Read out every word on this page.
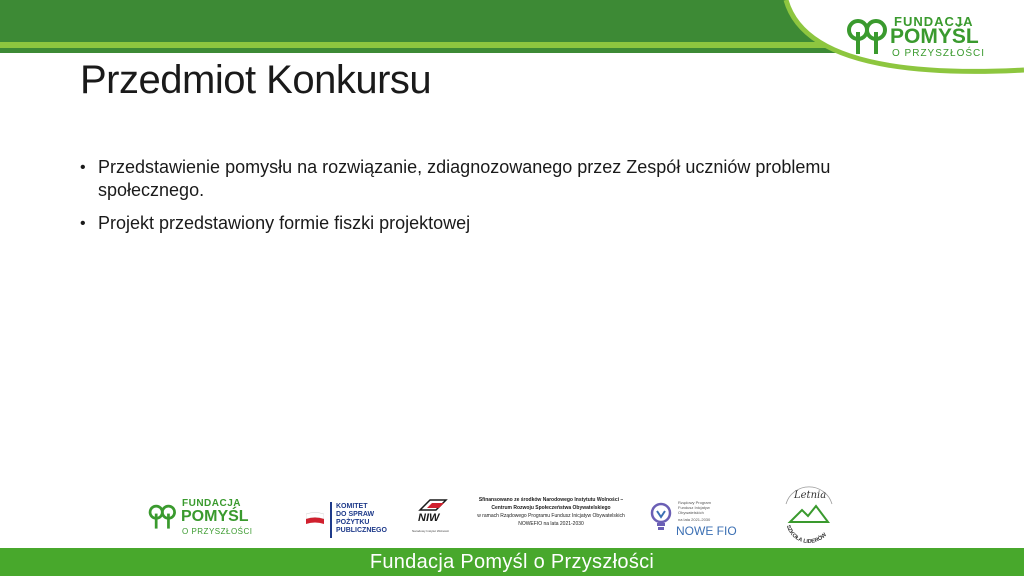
FUNDACJA
POMYŚL
O PRZYSZŁOŚCI
Przedmiot Konkursu
• Przedstawienie pomysłu na rozwiązanie, zdiagnozowanego przez Zespół uczniów problemu społecznego.
• Projekt przedstawiony formie fiszki projektowej
FUNDACJA
POMYŚL
O PRZYSZŁOŚCI
KOMITET
DO SPRAW
POŻYTKU
PUBLICZNEGO
NIW
Narodowy Instytut Wolności
Sfinansowano ze środków Narodowego Instytutu Wolności –
Centrum Rozwoju Społeczeństwa Obywatelskiego
w ramach Rządowego Programu Fundusz Inicjatyw Obywatelskich
NOWEFIO na lata 2021-2030
Rządowy Program
Fundusz Inicjatyw
Obywatelskich
na lata 2021-2030
NOWE FIO	SZKOŁA LIDERÓW
Letnia
Fundacja Pomyśl o Przyszłości
